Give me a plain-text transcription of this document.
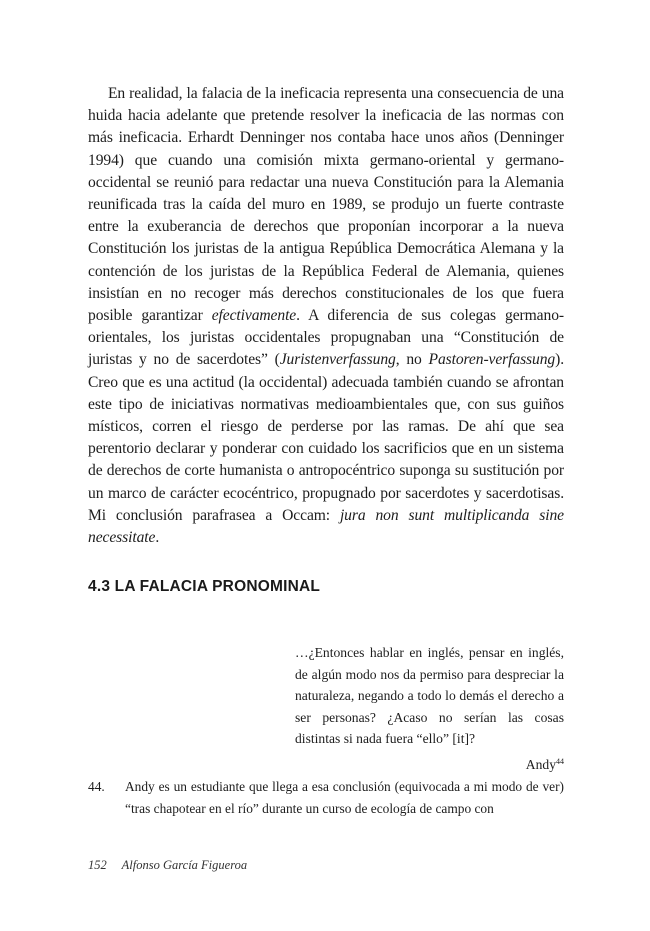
En realidad, la falacia de la ineficacia representa una consecuencia de una huida hacia adelante que pretende resolver la ineficacia de las normas con más ineficacia. Erhardt Denninger nos contaba hace unos años (Denninger 1994) que cuando una comisión mixta germano-oriental y germano-occidental se reunió para redactar una nueva Constitución para la Alemania reunificada tras la caída del muro en 1989, se produjo un fuerte contraste entre la exuberancia de derechos que proponían incorporar a la nueva Constitución los juristas de la antigua República Democrática Alemana y la contención de los juristas de la República Federal de Alemania, quienes insistían en no recoger más derechos constitucionales de los que fuera posible garantizar efectivamente. A diferencia de sus colegas germano-orientales, los juristas occidentales propugnaban una “Constitución de juristas y no de sacerdotes” (Juristenverfassung, no Pastoren-verfassung). Creo que es una actitud (la occidental) adecuada también cuando se afrontan este tipo de iniciativas normativas medioambientales que, con sus guiños místicos, corren el riesgo de perderse por las ramas. De ahí que sea perentorio declarar y ponderar con cuidado los sacrificios que en un sistema de derechos de corte humanista o antropocéntrico suponga su sustitución por un marco de carácter ecocéntrico, propugnado por sacerdotes y sacerdotisas. Mi conclusión parafrasea a Occam: jura non sunt multiplicanda sine necessitate.

4.3 LA FALACIA PRONOMINAL
…¿Entonces hablar en inglés, pensar en inglés, de algún modo nos da permiso para despreciar la naturaleza, negando a todo lo demás el derecho a ser personas? ¿Acaso no serían las cosas distintas si nada fuera “ello” [it]?
Andy$^{44}$
44.	Andy es un estudiante que llega a esa conclusión (equivocada a mi modo de ver) “tras chapotear en el río” durante un curso de ecología de campo con
152 Alfonso García Figueroa
